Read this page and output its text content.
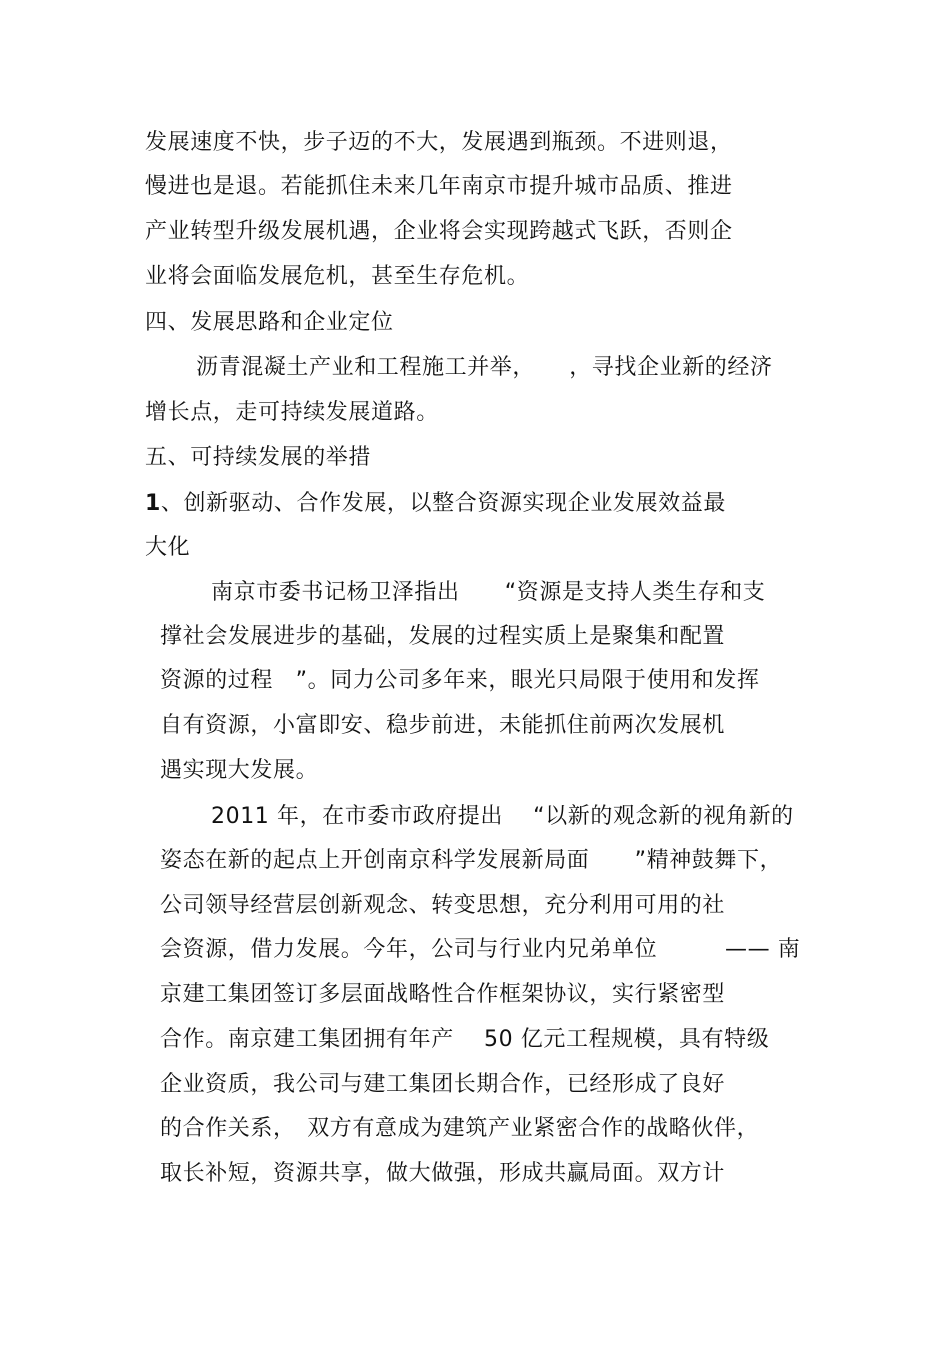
发展速度不快，步子迈的不大，发展遇到瓶颈。不进则退，
慢进也是退。若能抓住未来几年南京市提升城市品质、推进
产业转型升级发展机遇，企业将会实现跨越式飞跃，否则企
业将会面临发展危机，甚至生存危机。
四、发展思路和企业定位
沥青混凝土产业和工程施工并举，　　，寻找企业新的经济
增长点，走可持续发展道路。
五、可持续发展的举措
1、创新驱动、合作发展，以整合资源实现企业发展效益最
大化
南京市委书记杨卫泽指出　　“资源是支持人类生存和支
撑社会发展进步的基础，发展的过程实质上是聚集和配置
资源的过程　”。同力公司多年来，眼光只局限于使用和发挥
自有资源，小富即安、稳步前进，未能抓住前两次发展机
遇实现大发展。
2011 年，在市委市政府提出　 “以新的观念新的视角新的
姿态在新的起点上开创南京科学发展新局面　　”精神鼓舞下，
公司领导经营层创新观念、转变思想，充分利用可用的社
会资源，借力发展。今年，公司与行业内兄弟单位　　　—— 南
京建工集团签订多层面战略性合作框架协议，实行紧密型
合作。南京建工集团拥有年产　 50 亿元工程规模，具有特级
企业资质，我公司与建工集团长期合作，已经形成了良好
的合作关系，　双方有意成为建筑产业紧密合作的战略伙伴，
取长补短，资源共享，做大做强，形成共赢局面。双方计
